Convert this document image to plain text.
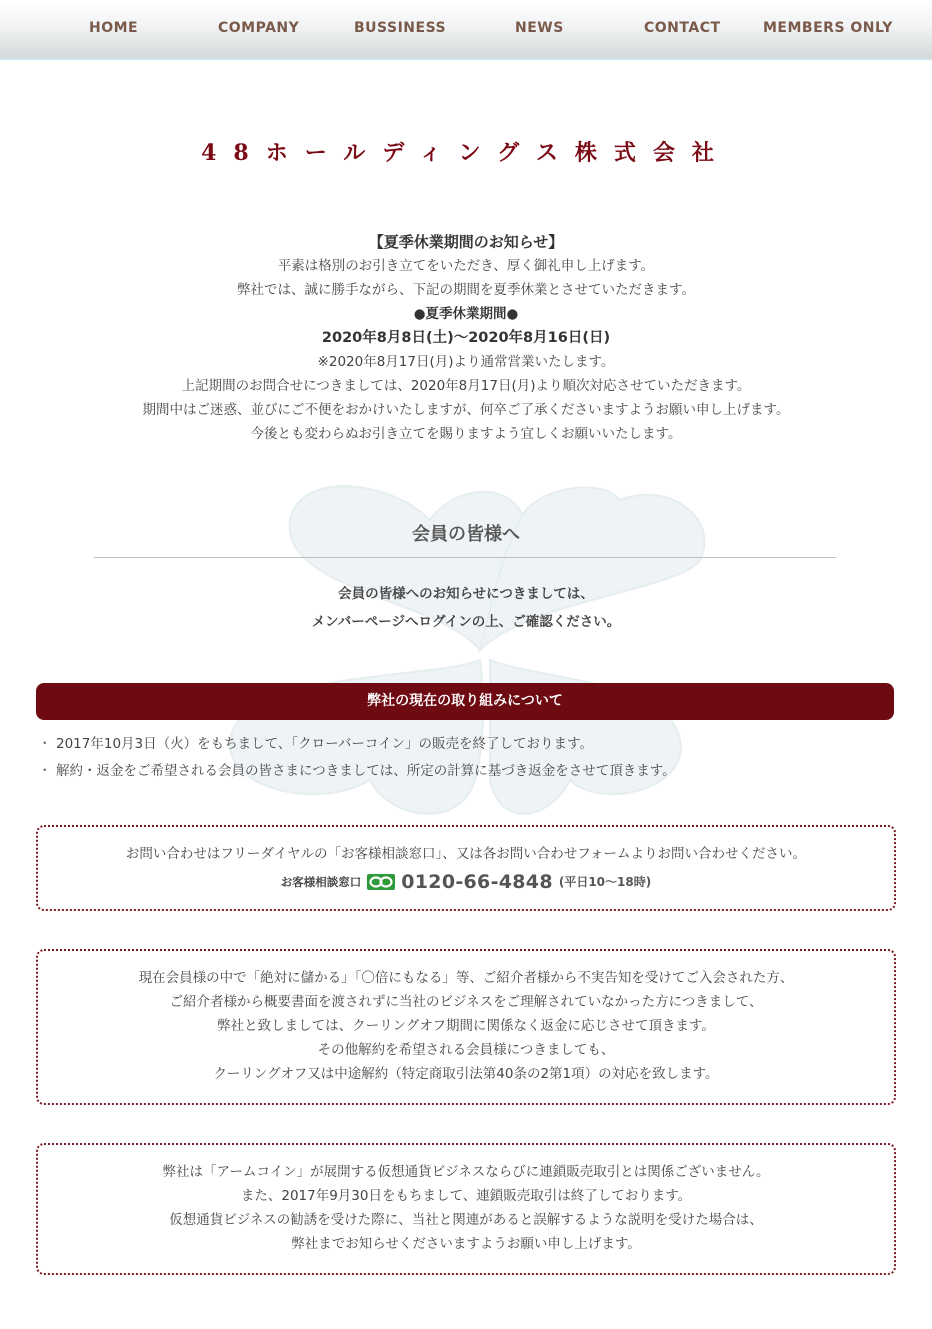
HOME	COMPANY	BUSSINESS	NEWS	CONTACT	MEMBERS ONLY
48ホールディングス株式会社
【夏季休業期間のお知らせ】
平素は格別のお引き立てをいただき、厚く御礼申し上げます。
弊社では、誠に勝手ながら、下記の期間を夏季休業とさせていただきます。
●夏季休業期間●
2020年8月8日(土)～2020年8月16日(日)
※2020年8月17日(月)より通常営業いたします。
上記期間のお問合せにつきましては、2020年8月17日(月)より順次対応させていただきます。
期間中はご迷惑、並びにご不便をおかけいたしますが、何卒ご了承くださいますようお願い申し上げます。
今後とも変わらぬお引き立てを賜りますよう宜しくお願いいたします。
会員の皆様へ
会員の皆様へのお知らせにつきましては、
メンバーページへログインの上、ご確認ください。
弊社の現在の取り組みについて
・ 2017年10月3日（火）をもちまして、「クローバーコイン」の販売を終了しております。
・ 解約・返金をご希望される会員の皆さまにつきましては、所定の計算に基づき返金をさせて頂きます。
お問い合わせはフリーダイヤルの「お客様相談窓口」、又は各お問い合わせフォームよりお問い合わせください。
お客様相談窓口 0120-66-4848 (平日10～18時)
現在会員様の中で「絶対に儲かる」「〇倍にもなる」等、ご紹介者様から不実告知を受けてご入会された方、
ご紹介者様から概要書面を渡されずに当社のビジネスをご理解されていなかった方につきまして、
弊社と致しましては、クーリングオフ期間に関係なく返金に応じさせて頂きます。
その他解約を希望される会員様につきましても、
クーリングオフ又は中途解約（特定商取引法第40条の2第1項）の対応を致します。
弊社は「アームコイン」が展開する仮想通貨ビジネスならびに連鎖販売取引とは関係ございません。
また、2017年9月30日をもちまして、連鎖販売取引は終了しております。
仮想通貨ビジネスの勧誘を受けた際に、当社と関連があると誤解するような説明を受けた場合は、
弊社までお知らせくださいますようお願い申し上げます。
